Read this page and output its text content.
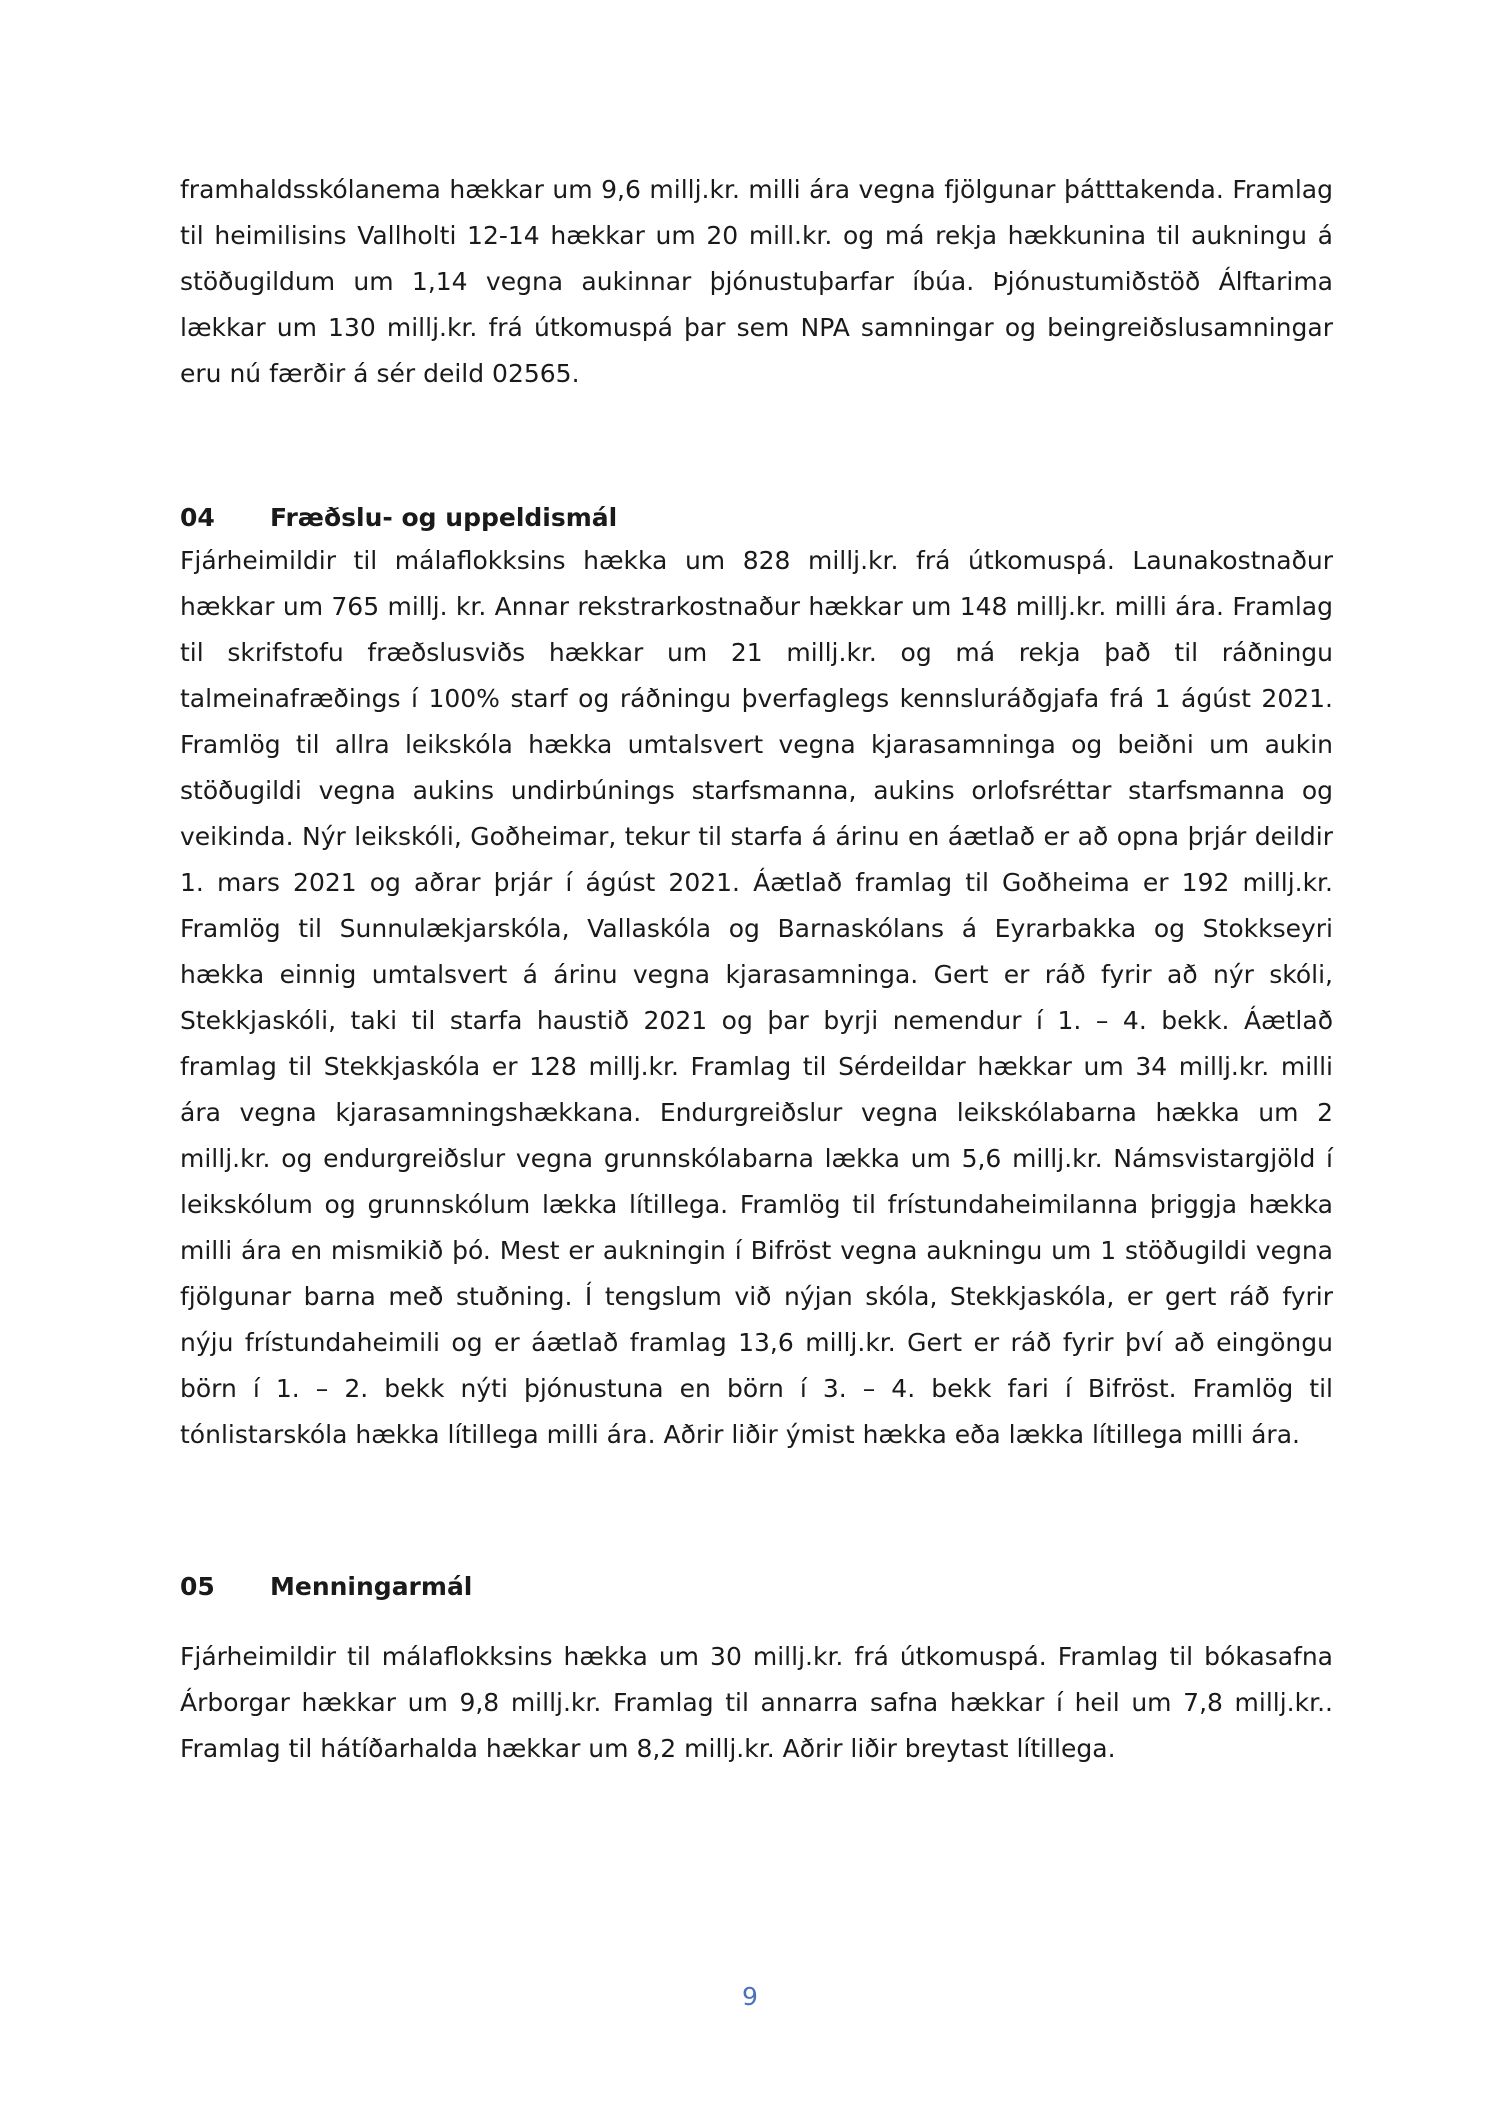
framhaldsskólanema hækkar um 9,6 millj.kr. milli ára vegna fjölgunar þátttakenda. Framlag til heimilisins Vallholti 12-14 hækkar um 20 mill.kr. og má rekja hækkunina til aukningu á stöðugildum um 1,14 vegna aukinnar þjónustuþarfar íbúa. Þjónustumiðstöð Álftarima lækkar um 130 millj.kr. frá útkomuspá þar sem NPA samningar og beingreiðslusamningar eru nú færðir á sér deild 02565.

04 Fræðslu- og uppeldismál

Fjárheimildir til málaflokksins hækka um 828 millj.kr. frá útkomuspá. Launakostnaður hækkar um 765 millj. kr. Annar rekstrarkostnaður hækkar um 148 millj.kr. milli ára. Framlag til skrifstofu fræðslusviðs hækkar um 21 millj.kr. og má rekja það til ráðningu talmeinafræðings í 100% starf og ráðningu þverfaglegs kennsluráðgjafa frá 1 ágúst 2021. Framlög til allra leikskóla hækka umtalsvert vegna kjarasamninga og beiðni um aukin stöðugildi vegna aukins undirbúnings starfsmanna, aukins orlofsréttar starfsmanna og veikinda. Nýr leikskóli, Goðheimar, tekur til starfa á árinu en áætlað er að opna þrjár deildir 1. mars 2021 og aðrar þrjár í ágúst 2021. Áætlað framlag til Goðheima er 192 millj.kr. Framlög til Sunnulækjarskóla, Vallaskóla og Barnaskólans á Eyrarbakka og Stokkseyri hækka einnig umtalsvert á árinu vegna kjarasamninga. Gert er ráð fyrir að nýr skóli, Stekkjaskóli, taki til starfa haustið 2021 og þar byrji nemendur í 1. – 4. bekk. Áætlað framlag til Stekkjaskóla er 128 millj.kr. Framlag til Sérdeildar hækkar um 34 millj.kr. milli ára vegna kjarasamningshækkana. Endurgreiðslur vegna leikskólabarna hækka um 2 millj.kr. og endurgreiðslur vegna grunnskólabarna lækka um 5,6 millj.kr. Námsvistargjöld í leikskólum og grunnskólum lækka lítillega. Framlög til frístundaheimilanna þriggja hækka milli ára en mismikið þó. Mest er aukningin í Bifröst vegna aukningu um 1 stöðugildi vegna fjölgunar barna með stuðning. Í tengslum við nýjan skóla, Stekkjaskóla, er gert ráð fyrir nýju frístundaheimili og er áætlað framlag 13,6 millj.kr. Gert er ráð fyrir því að eingöngu börn í 1. – 2. bekk nýti þjónustuna en börn í 3. – 4. bekk fari í Bifröst. Framlög til tónlistarskóla hækka lítillega milli ára. Aðrir liðir ýmist hækka eða lækka lítillega milli ára.

05 Menningarmál

Fjárheimildir til málaflokksins hækka um 30 millj.kr. frá útkomuspá. Framlag til bókasafna Árborgar hækkar um 9,8 millj.kr. Framlag til annarra safna hækkar í heil um 7,8 millj.kr.. Framlag til hátíðarhalda hækkar um 8,2 millj.kr. Aðrir liðir breytast lítillega.

9
